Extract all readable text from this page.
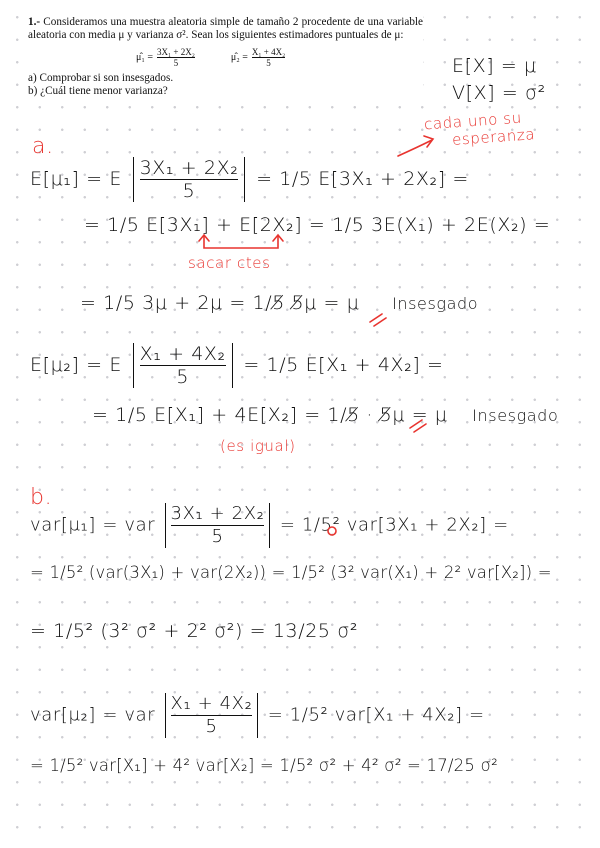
1.- Consideramos una muestra aleatoria simple de tamaño 2 procedente de una variable aleatoria con media μ y varianza σ². Sean los siguientes estimadores puntuales de μ:

μ̂₁ = $\frac{\text{3X₁ + 2X₂}}{5}$	μ̂₂ = $\frac{\text{X₁ + 4X₂}}{5}$

a) Comprobar si son insesgados.

b) ¿Cuál tiene menor varianza?

E[X] = μ
V[X] = σ²
cada uno su
esperanza
a.
E[μ₁] = E $\frac{\text{3X₁ + 2X₂}}{5} = 1/5$ E[3X₁ + 2X₂] =
= 1/5 E[3X₁] + E[2X₂] = 1/5 3E(X₁) + 2E(X₂) =
sacar ctes
= 1/5 3μ + 2μ = 1/5̸ 5̸μ = μ Insesgado
E[μ₂] = E $\frac{\text{X₁ + 4X₂}}{5} = 1/5$ E[X₁ + 4X₂] =
= 1/5 E[X₁] + 4E[X₂] = 1/5̸ · 5̸μ = μ Insesgado
(es igual)
b.
var[μ₁] = var $\frac{\text{3X₁ + 2X₂}}{5} = 1/5^2$ var[3X₁ + 2X₂] =
= 1/5² (var(3X₁) + var(2X₂)) = 1/5² (3² var(X₁) + 2² var[X₂]) =
= 1/5² (3² σ² + 2² σ²) = 13/25 σ²
var[μ₂] = var $\frac{\text{X₁ + 4X₂}}{5} = 1/5^2$ var[X₁ + 4X₂] =
= 1/5² var[X₁] + 4² var[X₂] = 1/5² σ² + 4² σ² = 17/25 σ²
